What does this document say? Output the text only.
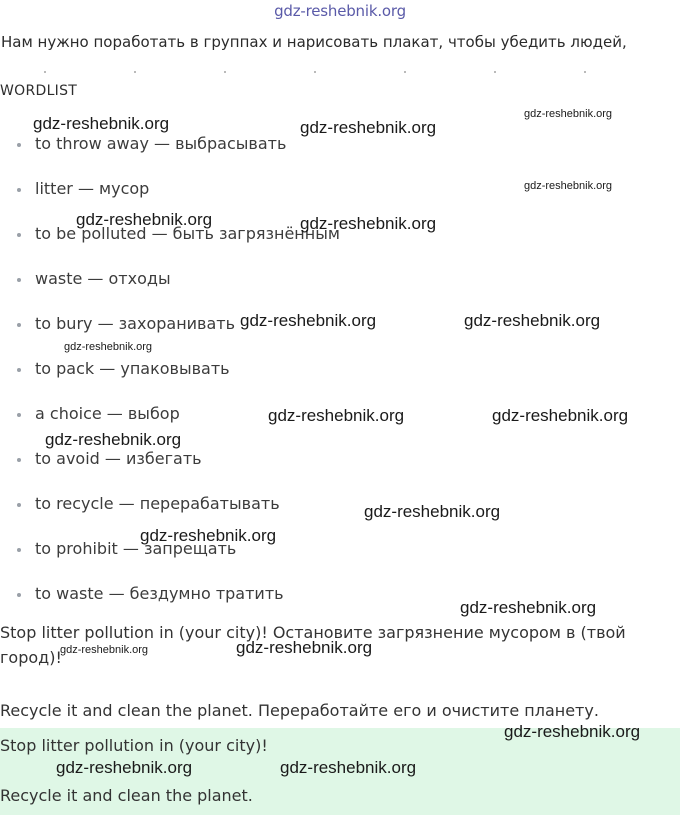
gdz-reshebnik.org
Нам нужно поработать в группах и нарисовать плакат, чтобы убедить людей,
WORDLIST
to throw away — выбрасывать
litter — мусор
to be polluted — быть загрязнённым
waste — отходы
to bury — захоранивать
to pack — упаковывать
a choice — выбор
to avoid — избегать
to recycle — перерабатывать
to prohibit — запрещать
to waste — бездумно тратить
Stop litter pollution in (your city)! Остановите загрязнение мусором в (твой город)!
Recycle it and clean the planet. Переработайте его и очистите планету.
Stop litter pollution in (your city)!
Recycle it and clean the planet.
gdz-reshebnik.org	gdz-reshebnik.org
gdz-reshebnik.org
gdz-reshebnik.org
gdz-reshebnik.org	gdz-reshebnik.org
gdz-reshebnik.org	gdz-reshebnik.org
gdz-reshebnik.org
gdz-reshebnik.org	gdz-reshebnik.org
gdz-reshebnik.org
gdz-reshebnik.org
gdz-reshebnik.org
gdz-reshebnik.org
gdz-reshebnik.org
gdz-reshebnik.org
gdz-reshebnik.org
gdz-reshebnik.org	gdz-reshebnik.org
